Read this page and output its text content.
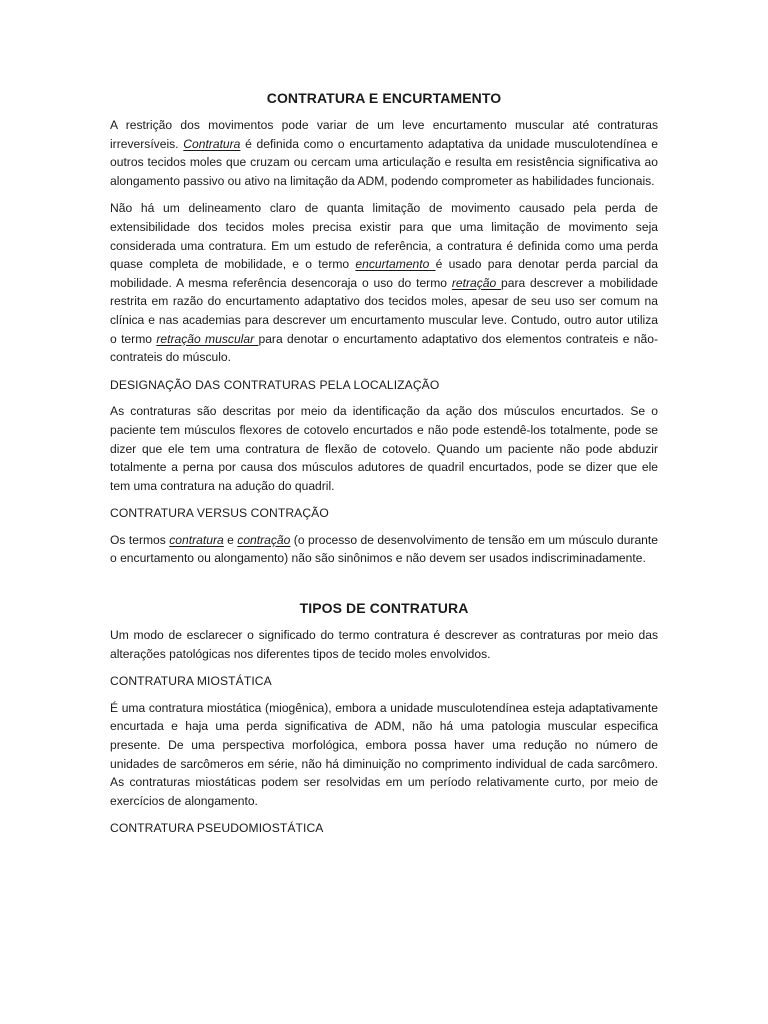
CONTRATURA E ENCURTAMENTO

A restrição dos movimentos pode variar de um leve encurtamento muscular até contraturas irreversíveis. Contratura é definida como o encurtamento adaptativa da unidade musculotendínea e outros tecidos moles que cruzam ou cercam uma articulação e resulta em resistência significativa ao alongamento passivo ou ativo na limitação da ADM, podendo comprometer as habilidades funcionais.

Não há um delineamento claro de quanta limitação de movimento causado pela perda de extensibilidade dos tecidos moles precisa existir para que uma limitação de movimento seja considerada uma contratura. Em um estudo de referência, a contratura é definida como uma perda quase completa de mobilidade, e o termo encurtamento é usado para denotar perda parcial da mobilidade. A mesma referência desencoraja o uso do termo retração para descrever a mobilidade restrita em razão do encurtamento adaptativo dos tecidos moles, apesar de seu uso ser comum na clínica e nas academias para descrever um encurtamento muscular leve. Contudo, outro autor utiliza o termo retração muscular para denotar o encurtamento adaptativo dos elementos contrateis e não-contrateis do músculo.

DESIGNAÇÃO DAS CONTRATURAS PELA LOCALIZAÇÃO

As contraturas são descritas por meio da identificação da ação dos músculos encurtados. Se o paciente tem músculos flexores de cotovelo encurtados e não pode estendê-los totalmente, pode se dizer que ele tem uma contratura de flexão de cotovelo. Quando um paciente não pode abduzir totalmente a perna por causa dos músculos adutores de quadril encurtados, pode se dizer que ele tem uma contratura na adução do quadril.

CONTRATURA VERSUS CONTRAÇÃO

Os termos contratura e contração (o processo de desenvolvimento de tensão em um músculo durante o encurtamento ou alongamento) não são sinônimos e não devem ser usados indiscriminadamente.

TIPOS DE CONTRATURA

Um modo de esclarecer o significado do termo contratura é descrever as contraturas por meio das alterações patológicas nos diferentes tipos de tecido moles envolvidos.

CONTRATURA MIOSTÁTICA

É uma contratura miostática (miogênica), embora a unidade musculotendínea esteja adaptativamente encurtada e haja uma perda significativa de ADM, não há uma patologia muscular especifica presente. De uma perspectiva morfológica, embora possa haver uma redução no número de unidades de sarcômeros em série, não há diminuição no comprimento individual de cada sarcômero. As contraturas miostáticas podem ser resolvidas em um período relativamente curto, por meio de exercícios de alongamento.

CONTRATURA PSEUDOMIOSTÁTICA
